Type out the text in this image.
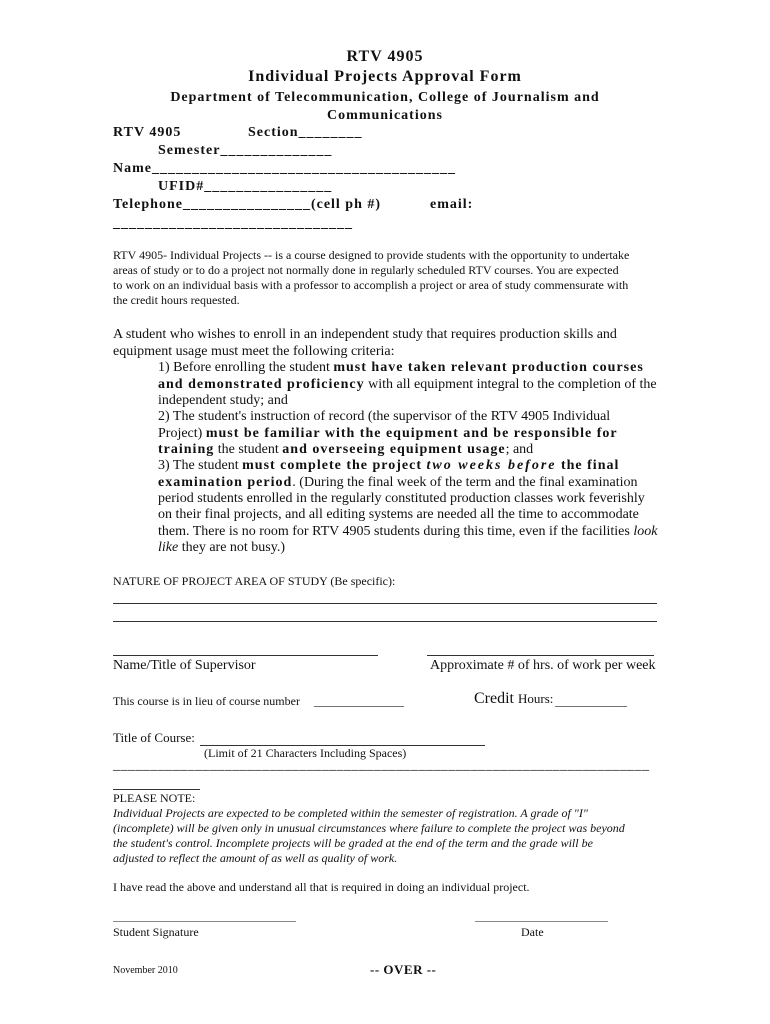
RTV 4905
Individual Projects Approval Form
Department of Telecommunication, College of Journalism and
Communications
RTV 4905	Section________
Semester______________
Name______________________________________
UFID#________________
Telephone________________(cell ph #)	email:
______________________________
RTV 4905- Individual Projects -- is a course designed to provide students with the opportunity to undertake
areas of study or to do a project not normally done in regularly scheduled RTV courses. You are expected
to work on an individual basis with a professor to accomplish a project or area of study commensurate with
the credit hours requested.
A student who wishes to enroll in an independent study that requires production skills and
equipment usage must meet the following criteria:
1) Before enrolling the student must have taken relevant production courses
and demonstrated proficiency with all equipment integral to the completion of the
independent study; and
2) The student's instruction of record (the supervisor of the RTV 4905 Individual
Project) must be familiar with the equipment and be responsible for
training the student and overseeing equipment usage; and
3) The student must complete the project two weeks before the final
examination period. (During the final week of the term and the final examination
period students enrolled in the regularly constituted production classes work feverishly
on their final projects, and all editing systems are needed all the time to accommodate
them. There is no room for RTV 4905 students during this time, even if the facilities look
like they are not busy.)
NATURE OF PROJECT AREA OF STUDY (Be specific):
Name/Title of Supervisor	Approximate # of hrs. of work per week
This course is in lieu of course number _______________	Credit Hours: ____________
Title of Course:
(Limit of 21 Characters Including Spaces)
________________________________________________________________________
PLEASE NOTE:
Individual Projects are expected to be completed within the semester of registration. A grade of "I"
(incomplete) will be given only in unusual circumstances where failure to complete the project was beyond
the student's control. Incomplete projects will be graded at the end of the term and the grade will be
adjusted to reflect the amount of as well as quality of work.
I have read the above and understand all that is required in doing an individual project.
Student Signature	Date
November 2010	-- OVER --
